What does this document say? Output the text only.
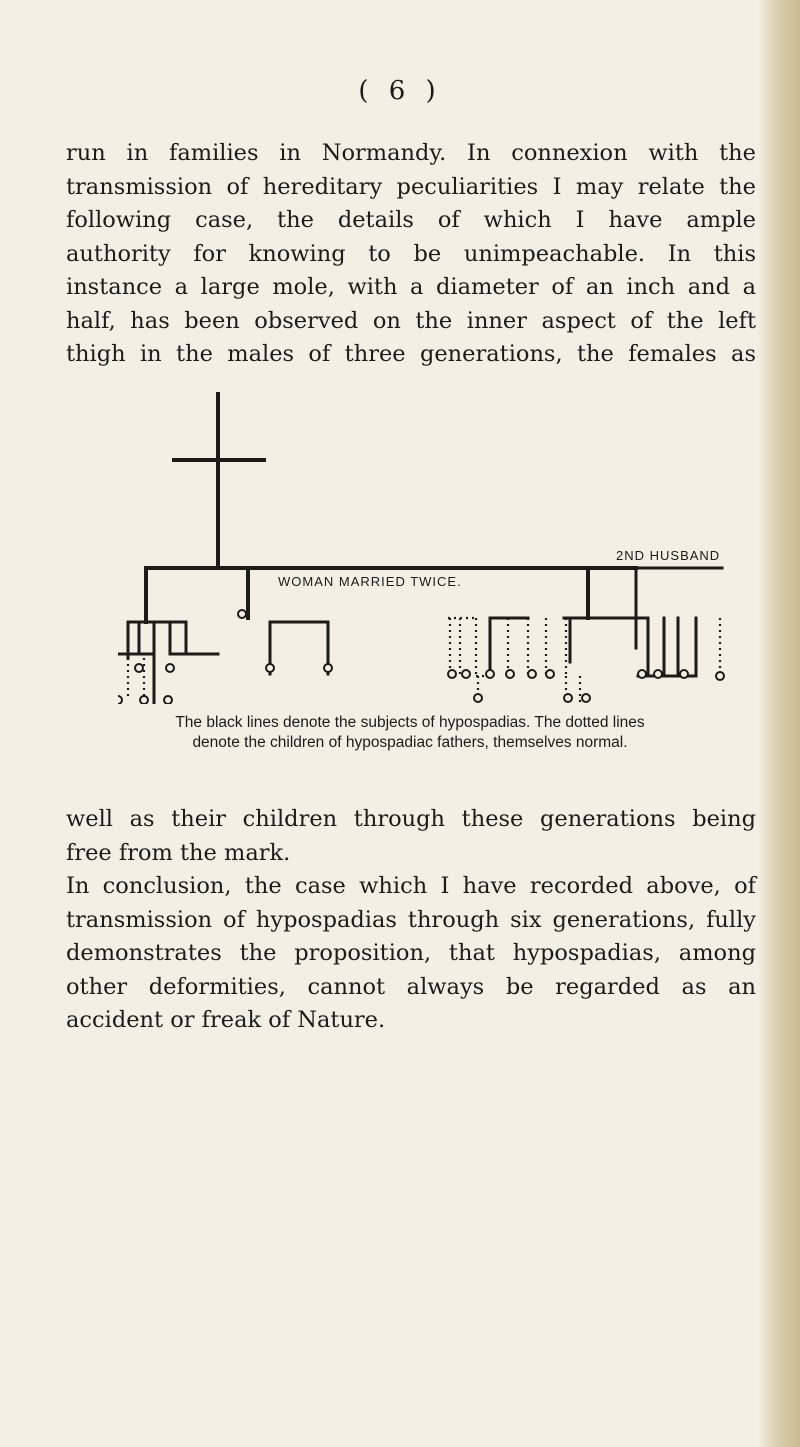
( 6 )

run in families in Normandy. In connexion with the
transmission of hereditary peculiarities I may relate the
following case, the details of which I have ample
authority for knowing to be unimpeachable. In this
instance a large mole, with a diameter of an inch and a
half, has been observed on the inner aspect of the left
thigh in the males of three generations, the females as

WOMAN MARRIED TWICE.
2ND HUSBAND
The black lines denote the subjects of hypospadias. The dotted lines
denote the children of hypospadiac fathers, themselves normal.

well as their children through these generations being
free from the mark.
In conclusion, the case which I have recorded above, of
transmission of hypospadias through six generations, fully
demonstrates the proposition, that hypospadias, among
other deformities, cannot always be regarded as an
accident or freak of Nature.
